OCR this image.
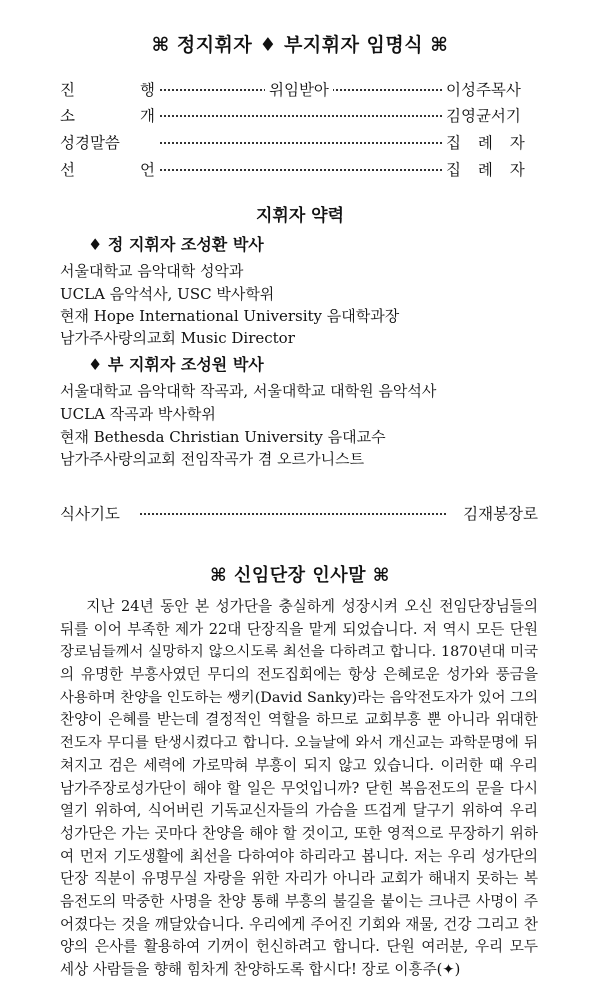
⌘ 정지휘자 ♦ 부지휘자 임명식 ⌘
진	행	위임받아	이성주목사
소	개	김영균서기
성경말씀	집 례 자
선	언	집 례 자
지휘자 약력
♦ 정 지휘자 조성환 박사
서울대학교 음악대학 성악과
UCLA 음악석사, USC 박사학위
현재 Hope International University 음대학과장
남가주사랑의교회 Music Director
♦ 부 지휘자 조성원 박사
서울대학교 음악대학 작곡과, 서울대학교 대학원 음악석사
UCLA 작곡과 박사학위
현재 Bethesda Christian University 음대교수
남가주사랑의교회 전임작곡가 겸 오르가니스트
식사기도	김재봉장로
⌘ 신임단장 인사말 ⌘
지난 24년 동안 본 성가단을 충실하게 성장시켜 오신 전임단장님들의
뒤를 이어 부족한 제가 22대 단장직을 맡게 되었습니다. 저 역시 모든 단원
장로님들께서 실망하지 않으시도록 최선을 다하려고 합니다. 1870년대 미국
의 유명한 부흥사였던 무디의 전도집회에는 항상 은혜로운 성가와 풍금을
사용하며 찬양을 인도하는 쌩키(David Sanky)라는 음악전도자가 있어 그의
찬양이 은혜를 받는데 결정적인 역할을 하므로 교회부흥 뿐 아니라 위대한
전도자 무디를 탄생시켰다고 합니다. 오늘날에 와서 개신교는 과학문명에 뒤
쳐지고 검은 세력에 가로막혀 부흥이 되지 않고 있습니다. 이러한 때 우리
남가주장로성가단이 해야 할 일은 무엇입니까? 닫힌 복음전도의 문을 다시
열기 위하여, 식어버린 기독교신자들의 가슴을 뜨겁게 달구기 위하여 우리
성가단은 가는 곳마다 찬양을 해야 할 것이고, 또한 영적으로 무장하기 위하
여 먼저 기도생활에 최선을 다하여야 하리라고 봅니다. 저는 우리 성가단의
단장 직분이 유명무실 자랑을 위한 자리가 아니라 교회가 해내지 못하는 복
음전도의 막중한 사명을 찬양 통해 부흥의 불길을 붙이는 크나큰 사명이 주
어졌다는 것을 깨달았습니다. 우리에게 주어진 기회와 재물, 건강 그리고 찬
양의 은사를 활용하여 기꺼이 헌신하려고 합니다. 단원 여러분, 우리 모두
세상 사람들을 향해 힘차게 찬양하도록 합시다! 장로 이흥주(✦)
